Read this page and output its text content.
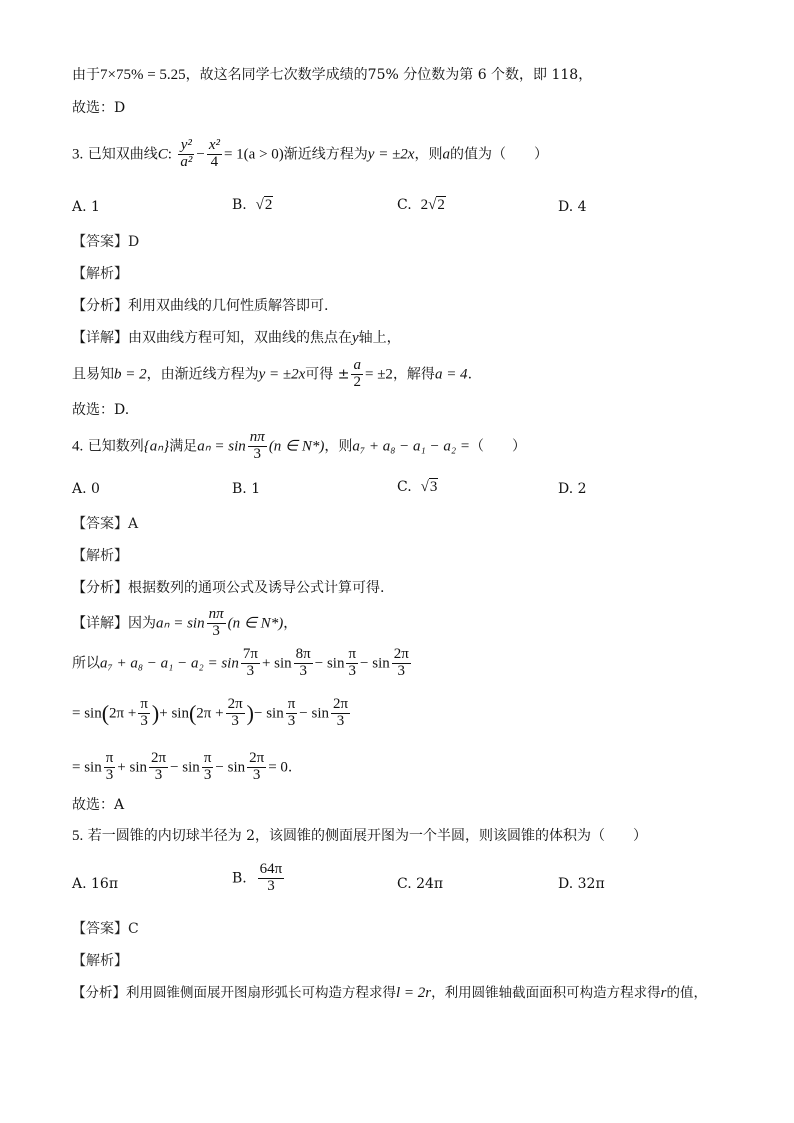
由于7×75% = 5.25，故这名同学七次数学成绩的75% 分位数为第 6 个数，即 118，
故选：D
3. 已知双曲线C: $\frac{\text{y²}}{\text{a²}} - \frac{\text{x²}}{4} = 1(a > 0)$渐近线方程为y = ±2x，则a的值为（　　）
A. 1	B. √2	C. 2√2	D. 4
【答案】D
【解析】
【分析】利用双曲线的几何性质解答即可.
【详解】由双曲线方程可知，双曲线的焦点在y轴上，
且易知b = 2，由渐近线方程为y = ±2x可得 ± $\frac{a}{2} = \pm 2$，解得a = 4.
故选：D.
4. 已知数列{aₙ}满足$a_n = \sin \frac{n\pi}{3} (n$ ∈ N*)，则a₇ + a₈ − a₁ − a₂ =（　　）
A. 0	B. 1	C. √3	D. 2
【答案】A
【解析】
【分析】根据数列的通项公式及诱导公式计算可得.
【详解】因为$a_n = \sin \frac{n\pi}{3} (n$ ∈ N*)，
所以$a_7 + a_8 - a_1 - a_2 = \sin \frac{7\pi}{3} + \sin \frac{8\pi}{3} - \sin \frac{\pi}{3} - \sin \frac{2\pi}{3}$
= $\sin(2\pi + \frac{\pi}{3}$ )+ $\sin(2\pi + \frac{2\pi}{3}$ )− $\sin \frac{\pi}{3} - \sin \frac{2\pi}{3}$
= $\sin \frac{\pi}{3} + \sin \frac{2\pi}{3} - \sin \frac{\pi}{3} - \sin \frac{2\pi}{3} = 0$.
故选：A
5. 若一圆锥的内切球半径为 2，该圆锥的侧面展开图为一个半圆，则该圆锥的体积为（　　）
A. 16π	B. $\frac{64\pi}{3}$	C. 24π	D. 32π
【答案】C
【解析】
【分析】利用圆锥侧面展开图扇形弧长可构造方程求得l = 2r，利用圆锥轴截面面积可构造方程求得r的值，
